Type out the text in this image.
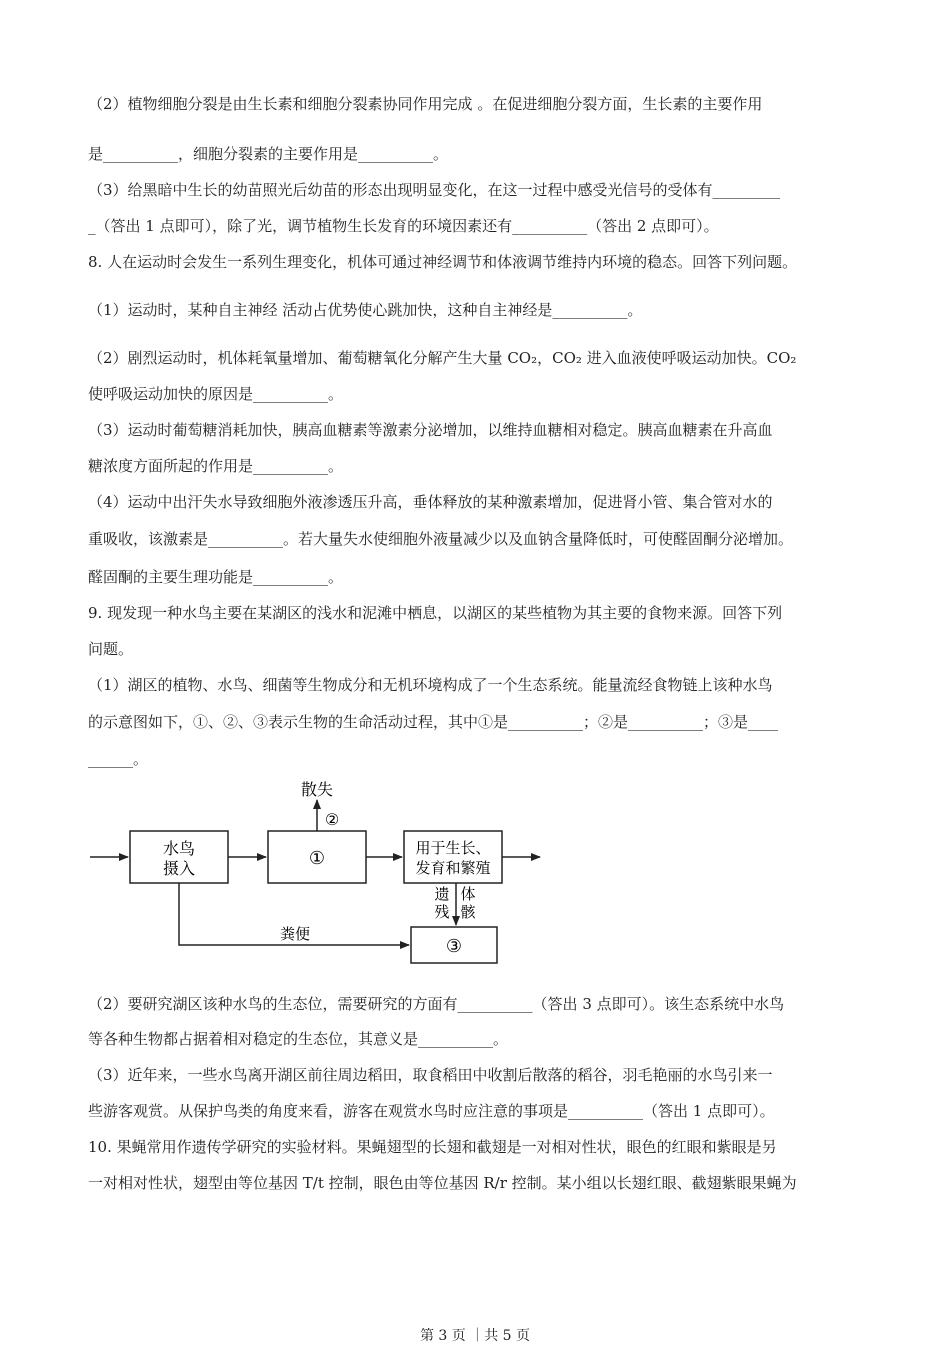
（2）植物细胞分裂是由生长素和细胞分裂素协同作用完成 。在促进细胞分裂方面，生长素的主要作用
是__________，细胞分裂素的主要作用是__________。
（3）给黑暗中生长的幼苗照光后幼苗的形态出现明显变化，在这一过程中感受光信号的受体有_________
_（答出 1 点即可），除了光，调节植物生长发育的环境因素还有__________（答出 2 点即可）。
8. 人在运动时会发生一系列生理变化，机体可通过神经调节和体液调节维持内环境的稳态。回答下列问题。
（1）运动时，某种自主神经 活动占优势使心跳加快，这种自主神经是__________。
（2）剧烈运动时，机体耗氧量增加、葡萄糖氧化分解产生大量 CO₂，CO₂ 进入血液使呼吸运动加快。CO₂
使呼吸运动加快的原因是__________。
（3）运动时葡萄糖消耗加快，胰高血糖素等激素分泌增加，以维持血糖相对稳定。胰高血糖素在升高血
糖浓度方面所起的作用是__________。
（4）运动中出汗失水导致细胞外液渗透压升高，垂体释放的某种激素增加，促进肾小管、集合管对水的
重吸收，该激素是__________。若大量失水使细胞外液量减少以及血钠含量降低时，可使醛固酮分泌增加。
醛固酮的主要生理功能是__________。
9. 现发现一种水鸟主要在某湖区的浅水和泥滩中栖息，以湖区的某些植物为其主要的食物来源。回答下列
问题。
（1）湖区的植物、水鸟、细菌等生物成分和无机环境构成了一个生态系统。能量流经食物链上该种水鸟
的示意图如下，①、②、③表示生物的生命活动过程，其中①是__________；②是__________；③是____
______。
水鸟
摄入	①
散失
②
用于生长、
发育和繁殖
遗
残
体
骸
③
粪便
（2）要研究湖区该种水鸟的生态位，需要研究的方面有__________（答出 3 点即可）。该生态系统中水鸟
等各种生物都占据着相对稳定的生态位，其意义是__________。
（3）近年来，一些水鸟离开湖区前往周边稻田，取食稻田中收割后散落的稻谷，羽毛艳丽的水鸟引来一
些游客观赏。从保护鸟类的角度来看，游客在观赏水鸟时应注意的事项是__________（答出 1 点即可）。
10. 果蝇常用作遗传学研究的实验材料。果蝇翅型的长翅和截翅是一对相对性状，眼色的红眼和紫眼是另
一对相对性状，翅型由等位基因 T/t 控制，眼色由等位基因 R/r 控制。某小组以长翅红眼、截翅紫眼果蝇为
第 3 页 ｜共 5 页
